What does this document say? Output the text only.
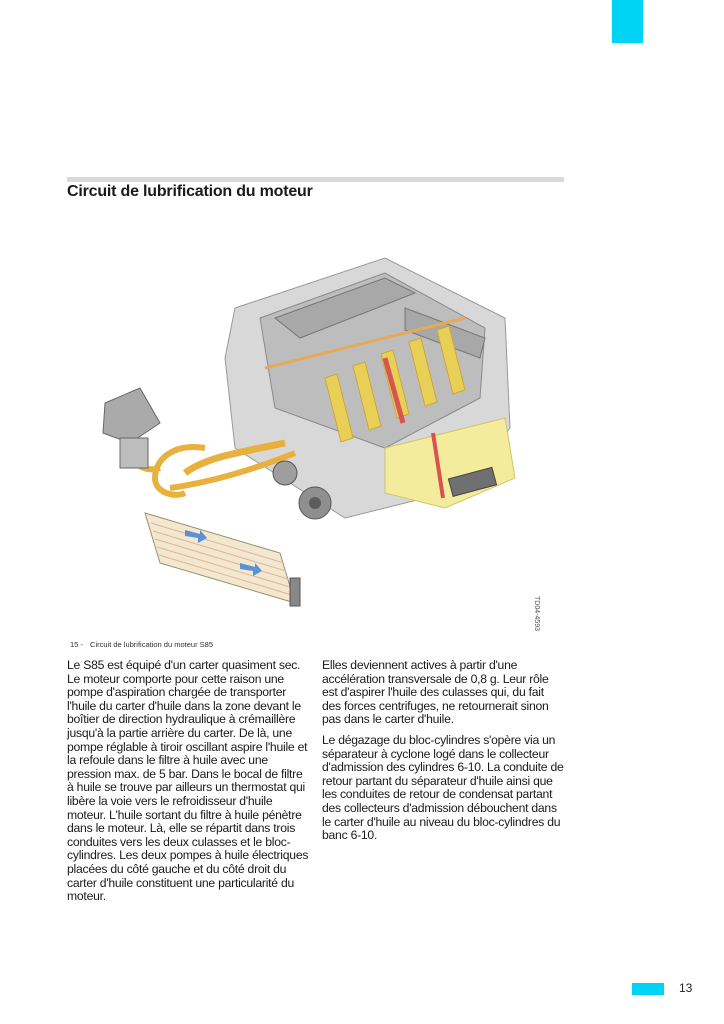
Circuit de lubrification du moteur
TD04-4593
15 - Circuit de lubrification du moteur S85

Le S85 est équipé d'un carter quasiment sec. Le moteur comporte pour cette raison une pompe d'aspiration chargée de transporter l'huile du carter d'huile dans la zone devant le boîtier de direction hydraulique à crémaillère jusqu'à la partie arrière du carter. De là, une pompe réglable à tiroir oscillant aspire l'huile et la refoule dans le filtre à huile avec une pression max. de 5 bar. Dans le bocal de filtre à huile se trouve par ailleurs un thermostat qui libère la voie vers le refroidisseur d'huile moteur. L'huile sortant du filtre à huile pénètre dans le moteur. Là, elle se répartit dans trois conduites vers les deux culasses et le bloc-cylindres. Les deux pompes à huile électriques placées du côté gauche et du côté droit du carter d'huile constituent une particularité du moteur.

Elles deviennent actives à partir d'une accélération transversale de 0,8 g. Leur rôle est d'aspirer l'huile des culasses qui, du fait des forces centrifuges, ne retournerait sinon pas dans le carter d'huile.

Le dégazage du bloc-cylindres s'opère via un séparateur à cyclone logé dans le collecteur d'admission des cylindres 6-10. La conduite de retour partant du séparateur d'huile ainsi que les conduites de retour de condensat partant des collecteurs d'admission débouchent dans le carter d'huile au niveau du bloc-cylindres du banc 6-10.

13
